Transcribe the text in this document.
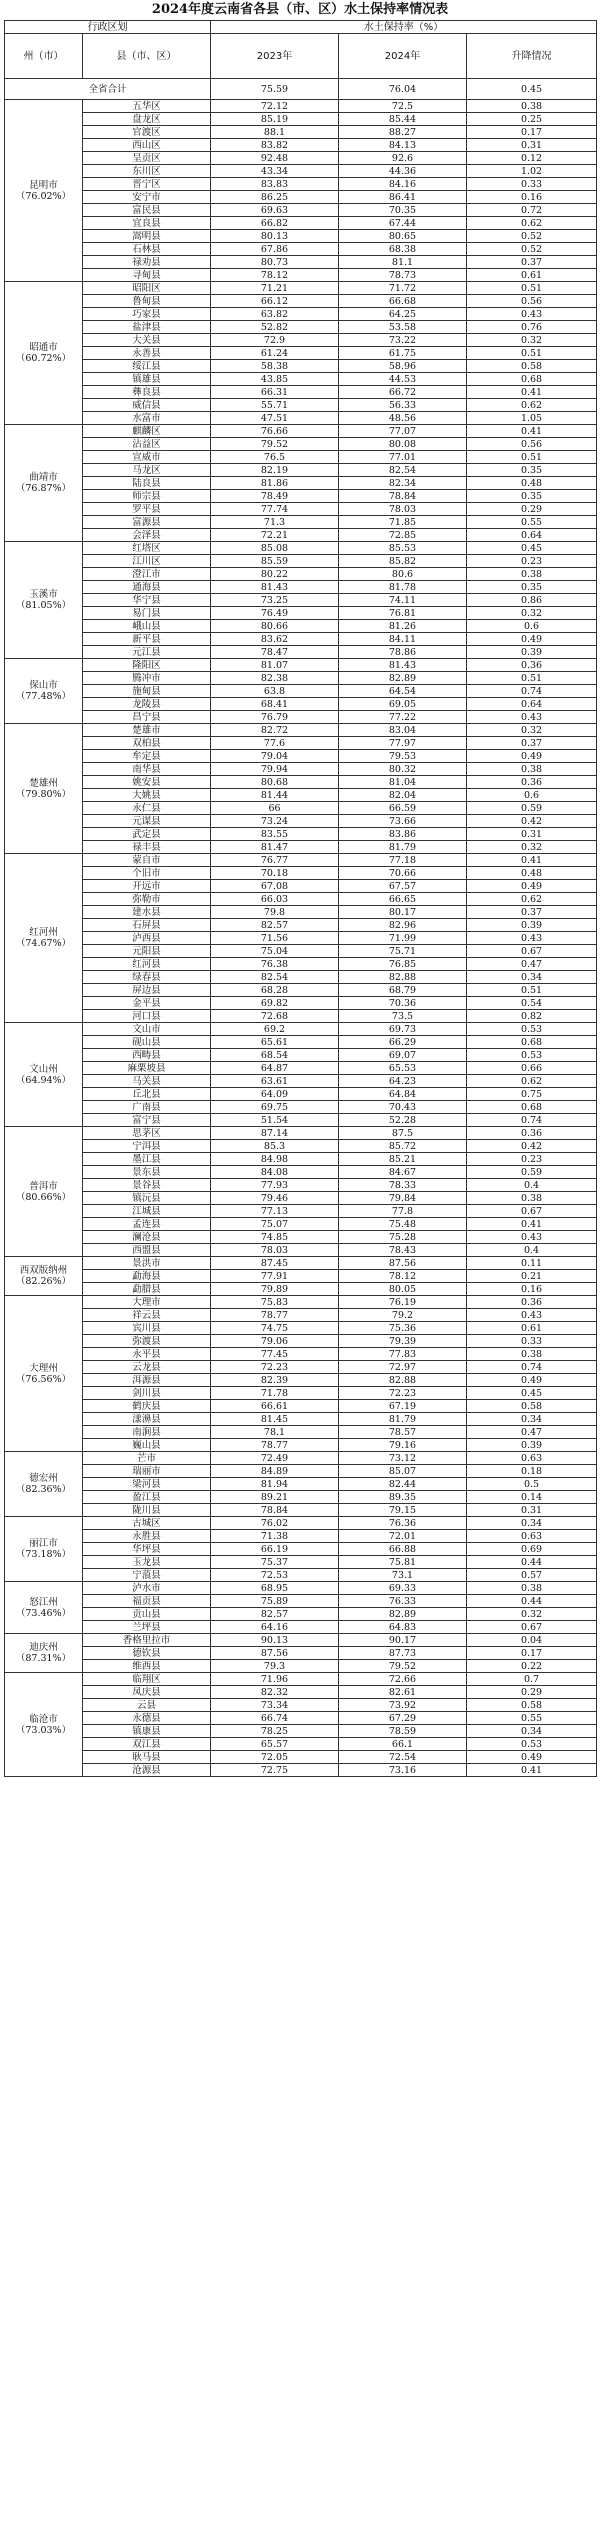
2024年度云南省各县（市、区）水土保持率情况表
行政区划		水土保持率（%）		
州（市）	县（市、区）	2023年	2024年	升降情况
全省合计		75.59	76.04	0.45

昆明市
（76.02%）	五华区	72.12	72.5	0.38
	盘龙区	85.19	85.44	0.25
	官渡区	88.1	88.27	0.17
	西山区	83.82	84.13	0.31
	呈贡区	92.48	92.6	0.12
	东川区	43.34	44.36	1.02
	晋宁区	83.83	84.16	0.33
	安宁市	86.25	86.41	0.16
	富民县	69.63	70.35	0.72
	宜良县	66.82	67.44	0.62
	嵩明县	80.13	80.65	0.52
	石林县	67.86	68.38	0.52
	禄劝县	80.73	81.1	0.37
	寻甸县	78.12	78.73	0.61

昭通市
（60.72%）	昭阳区	71.21	71.72	0.51
	鲁甸县	66.12	66.68	0.56
	巧家县	63.82	64.25	0.43
	盐津县	52.82	53.58	0.76
	大关县	72.9	73.22	0.32
	永善县	61.24	61.75	0.51
	绥江县	58.38	58.96	0.58
	镇雄县	43.85	44.53	0.68
	彝良县	66.31	66.72	0.41
	威信县	55.71	56.33	0.62
	水富市	47.51	48.56	1.05

曲靖市
（76.87%）	麒麟区	76.66	77.07	0.41
	沾益区	79.52	80.08	0.56
	宣威市	76.5	77.01	0.51
	马龙区	82.19	82.54	0.35
	陆良县	81.86	82.34	0.48
	师宗县	78.49	78.84	0.35
	罗平县	77.74	78.03	0.29
	富源县	71.3	71.85	0.55
	会泽县	72.21	72.85	0.64

玉溪市
（81.05%）	红塔区	85.08	85.53	0.45
	江川区	85.59	85.82	0.23
	澄江市	80.22	80.6	0.38
	通海县	81.43	81.78	0.35
	华宁县	73.25	74.11	0.86
	易门县	76.49	76.81	0.32
	峨山县	80.66	81.26	0.6
	新平县	83.62	84.11	0.49
	元江县	78.47	78.86	0.39

保山市
（77.48%）	隆阳区	81.07	81.43	0.36
	腾冲市	82.38	82.89	0.51
	施甸县	63.8	64.54	0.74
	龙陵县	68.41	69.05	0.64
	昌宁县	76.79	77.22	0.43

楚雄州
（79.80%）	楚雄市	82.72	83.04	0.32
	双柏县	77.6	77.97	0.37
	牟定县	79.04	79.53	0.49
	南华县	79.94	80.32	0.38
	姚安县	80.68	81.04	0.36
	大姚县	81.44	82.04	0.6
	永仁县	66	66.59	0.59
	元谋县	73.24	73.66	0.42
	武定县	83.55	83.86	0.31
	禄丰县	81.47	81.79	0.32

红河州
（74.67%）	蒙自市	76.77	77.18	0.41
	个旧市	70.18	70.66	0.48
	开远市	67.08	67.57	0.49
	弥勒市	66.03	66.65	0.62
	建水县	79.8	80.17	0.37
	石屏县	82.57	82.96	0.39
	泸西县	71.56	71.99	0.43
	元阳县	75.04	75.71	0.67
	红河县	76.38	76.85	0.47
	绿春县	82.54	82.88	0.34
	屏边县	68.28	68.79	0.51
	金平县	69.82	70.36	0.54
	河口县	72.68	73.5	0.82

文山州
（64.94%）	文山市	69.2	69.73	0.53
	砚山县	65.61	66.29	0.68
	西畴县	68.54	69.07	0.53
	麻栗坡县	64.87	65.53	0.66
	马关县	63.61	64.23	0.62
	丘北县	64.09	64.84	0.75
	广南县	69.75	70.43	0.68
	富宁县	51.54	52.28	0.74

普洱市
（80.66%）	思茅区	87.14	87.5	0.36
	宁洱县	85.3	85.72	0.42
	墨江县	84.98	85.21	0.23
	景东县	84.08	84.67	0.59
	景谷县	77.93	78.33	0.4
	镇沅县	79.46	79.84	0.38
	江城县	77.13	77.8	0.67
	孟连县	75.07	75.48	0.41
	澜沧县	74.85	75.28	0.43
	西盟县	78.03	78.43	0.4

西双版纳州
（82.26%）	景洪市	87.45	87.56	0.11
	勐海县	77.91	78.12	0.21
	勐腊县	79.89	80.05	0.16

大理州
（76.56%）	大理市	75.83	76.19	0.36
	祥云县	78.77	79.2	0.43
	宾川县	74.75	75.36	0.61
	弥渡县	79.06	79.39	0.33
	永平县	77.45	77.83	0.38
	云龙县	72.23	72.97	0.74
	洱源县	82.39	82.88	0.49
	剑川县	71.78	72.23	0.45
	鹤庆县	66.61	67.19	0.58
	漾濞县	81.45	81.79	0.34
	南涧县	78.1	78.57	0.47
	巍山县	78.77	79.16	0.39

德宏州
（82.36%）	芒市	72.49	73.12	0.63
	瑞丽市	84.89	85.07	0.18
	梁河县	81.94	82.44	0.5
	盈江县	89.21	89.35	0.14
	陇川县	78.84	79.15	0.31

丽江市
（73.18%）	古城区	76.02	76.36	0.34
	永胜县	71.38	72.01	0.63
	华坪县	66.19	66.88	0.69
	玉龙县	75.37	75.81	0.44
	宁蒗县	72.53	73.1	0.57

怒江州
（73.46%）	泸水市	68.95	69.33	0.38
	福贡县	75.89	76.33	0.44
	贡山县	82.57	82.89	0.32
	兰坪县	64.16	64.83	0.67

迪庆州
（87.31%）	香格里拉市	90.13	90.17	0.04
	德钦县	87.56	87.73	0.17
	维西县	79.3	79.52	0.22

临沧市
（73.03%）	临翔区	71.96	72.66	0.7
	凤庆县	82.32	82.61	0.29
	云县	73.34	73.92	0.58
	永德县	66.74	67.29	0.55
	镇康县	78.25	78.59	0.34
	双江县	65.57	66.1	0.53
	耿马县	72.05	72.54	0.49
	沧源县	72.75	73.16	0.41
